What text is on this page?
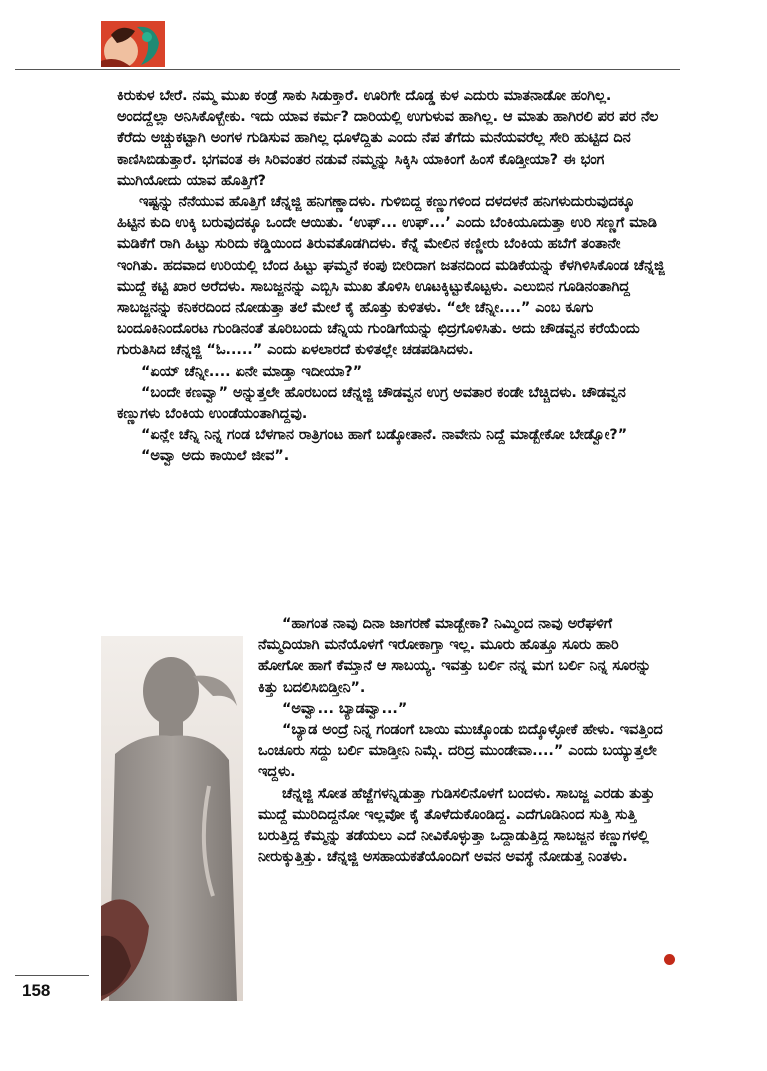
ಕಿರುಕುಳ ಬೇರೆ. ನಮ್ಮ ಮುಖ ಕಂಡ್ರೆ ಸಾಕು ಸಿಡುಕ್ತಾರೆ. ಊರಿಗೇ ದೊಡ್ಡ ಕುಳ ಎದುರು ಮಾತನಾಡೋ ಹಂಗಿಲ್ಲ. ಅಂದದ್ದೆಲ್ಲಾ ಅನಿಸಿಕೊಳ್ಬೇಕು. ಇದು ಯಾವ ಕರ್ಮ? ದಾರಿಯಲ್ಲಿ ಉಗುಳುವ ಹಾಗಿಲ್ಲ. ಆ ಮಾತು ಹಾಗಿರಲಿ ಪರ ಪರ ನೆಲ ಕೆರೆದು ಅಚ್ಚುಕಟ್ಟಾಗಿ ಅಂಗಳ ಗುಡಿಸುವ ಹಾಗಿಲ್ಲ ಧೂಳೆದ್ದಿತು ಎಂದು ನೆಪ ತೆಗೆದು ಮನೆಯವರೆಲ್ಲ ಸೇರಿ ಹುಟ್ಟಿದ ದಿನ ಕಾಣಿಸಿಬಿಡುತ್ತಾರೆ. ಭಗವಂತ ಈ ಸಿರಿವಂತರ ನಡುವೆ ನಮ್ಮನ್ನು ಸಿಕ್ಕಿಸಿ ಯಾಕಿಂಗೆ ಹಿಂಸೆ ಕೊಡ್ತೀಯಾ? ಈ ಭಂಗ ಮುಗಿಯೋದು ಯಾವ ಹೊತ್ತಿಗೆ?

ಇಷ್ಟನ್ನು ನೆನೆಯುವ ಹೊತ್ತಿಗೆ ಚೆನ್ನಜ್ಜಿ ಹನಿಗಣ್ಣಾದಳು. ಗುಳಿಬಿದ್ದ ಕಣ್ಣುಗಳಿಂದ ದಳದಳನೆ ಹನಿಗಳುದುರುವುದಕ್ಕೂ ಹಿಟ್ಟಿನ ಕುದಿ ಉಕ್ಕಿ ಬರುವುದಕ್ಕೂ ಒಂದೇ ಆಯಿತು. ‘ಉಫ್... ಉಫ್...’ ಎಂದು ಬೆಂಕಿಯೂದುತ್ತಾ ಉರಿ ಸಣ್ಣಗೆ ಮಾಡಿ ಮಡಿಕೆಗೆ ರಾಗಿ ಹಿಟ್ಟು ಸುರಿದು ಕಡ್ಡಿಯಿಂದ ತಿರುವತೊಡಗಿದಳು. ಕೆನ್ನೆ ಮೇಲಿನ ಕಣ್ಣೀರು ಬೆಂಕಿಯ ಹಬೆಗೆ ತಂತಾನೇ ಇಂಗಿತು. ಹದವಾದ ಉರಿಯಲ್ಲಿ ಬೆಂದ ಹಿಟ್ಟು ಘಮ್ಮನೆ ಕಂಪು ಬೀರಿದಾಗ ಜತನದಿಂದ ಮಡಿಕೆಯನ್ನು ಕೆಳಗಿಳಿಸಿಕೊಂಡ ಚೆನ್ನಜ್ಜಿ ಮುದ್ದೆ ಕಟ್ಟಿ ಖಾರ ಅರೆದಳು. ಸಾಬಜ್ಜನನ್ನು ಎಬ್ಬಿಸಿ ಮುಖ ತೊಳಿಸಿ ಊಟಕ್ಕಿಟ್ಟುಕೊಟ್ಟಳು. ಎಲುಬಿನ ಗೂಡಿನಂತಾಗಿದ್ದ ಸಾಬಜ್ಜನನ್ನು ಕನಿಕರದಿಂದ ನೋಡುತ್ತಾ ತಲೆ ಮೇಲೆ ಕೈ ಹೊತ್ತು ಕುಳಿತಳು. “ಲೇ ಚೆನ್ನೀ....” ಎಂಬ ಕೂಗು ಬಂದೂಕಿನಿಂದೊರಟ ಗುಂಡಿನಂತೆ ತೂರಿಬಂದು ಚೆನ್ನಿಯ ಗುಂಡಿಗೆಯನ್ನು ಛಿದ್ರಗೊಳಿಸಿತು. ಅದು ಚೌಡವ್ವನ ಕರೆಯೆಂದು ಗುರುತಿಸಿದ ಚೆನ್ನಜ್ಜಿ “ಓ.....” ಎಂದು ಏಳಲಾರದೆ ಕುಳಿತಲ್ಲೇ ಚಡಪಡಿಸಿದಳು.

“ಏಯ್ ಚೆನ್ನೀ.... ಏನೇ ಮಾಡ್ತಾ ಇದೀಯಾ?”

“ಬಂದೇ ಕಣವ್ವಾ” ಅನ್ನುತ್ತಲೇ ಹೊರಬಂದ ಚೆನ್ನಜ್ಜಿ ಚೌಡವ್ವನ ಉಗ್ರ ಅವತಾರ ಕಂಡೇ ಬೆಚ್ಚಿದಳು. ಚೌಡವ್ವನ ಕಣ್ಣುಗಳು ಬೆಂಕಿಯ ಉಂಡೆಯಂತಾಗಿದ್ದವು.

“ಏನ್ಲೇ ಚೆನ್ನಿ ನಿನ್ನ ಗಂಡ ಬೆಳಗಾನ ರಾತ್ರಿಗಂಟ ಹಾಗೆ ಬಡ್ಕೋತಾನೆ. ನಾವೇನು ನಿದ್ದೆ ಮಾಡ್ಬೇಕೋ ಬೇಡ್ವೋ?”

“ಅವ್ವಾ ಅದು ಕಾಯಿಲೆ ಜೀವ”.

“ಹಾಗಂತ ನಾವು ದಿನಾ ಜಾಗರಣೆ ಮಾಡ್ಬೇಕಾ? ನಿಮ್ಮಿಂದ ನಾವು ಅರೆಘಳಿಗೆ ನೆಮ್ಮದಿಯಾಗಿ ಮನೆಯೊಳಗೆ ಇರೋಕಾಗ್ತಾ ಇಲ್ಲ. ಮೂರು ಹೊತ್ತೂ ಸೂರು ಹಾರಿ ಹೋಗೋ ಹಾಗೆ ಕೆಮ್ತಾನೆ ಆ ಸಾಬಯ್ಯ. ಇವತ್ತು ಬರ್ಲಿ ನನ್ನ ಮಗ ಬರ್ಲಿ ನಿನ್ನ ಸೂರನ್ನು ಕಿತ್ತು ಬದಲಿಸಿಬಿಡ್ತೀನಿ”.

“ಅವ್ವಾ... ಬ್ಯಾಡವ್ವಾ...”

“ಬ್ಯಾಡ ಅಂದ್ರೆ ನಿನ್ನ ಗಂಡಂಗೆ ಬಾಯಿ ಮುಚ್ಕೊಂಡು ಬಿದ್ಕೊಳ್ಳೋಕೆ ಹೇಳು. ಇವತ್ತಿಂದ ಒಂಚೂರು ಸದ್ದು ಬರ್ಲಿ ಮಾಡ್ತೀನಿ ನಿಮ್ಗೆ. ದರಿದ್ರ ಮುಂಡೇವಾ....” ಎಂದು ಬಯ್ಯುತ್ತಲೇ ಇದ್ದಳು.

ಚೆನ್ನಜ್ಜಿ ಸೋತ ಹೆಜ್ಜೆಗಳನ್ನಿಡುತ್ತಾ ಗುಡಿಸಲಿನೊಳಗೆ ಬಂದಳು. ಸಾಬಜ್ಜ ಎರಡು ತುತ್ತು ಮುದ್ದೆ ಮುರಿದಿದ್ದನೋ ಇಲ್ಲವೋ ಕೈ ತೊಳೆದುಕೊಂಡಿದ್ದ. ಎದೆಗೂಡಿನಿಂದ ಸುತ್ತಿ ಸುತ್ತಿ ಬರುತ್ತಿದ್ದ ಕೆಮ್ಮನ್ನು ತಡೆಯಲು ಎದೆ ನೀವಿಕೊಳ್ಳುತ್ತಾ ಒದ್ದಾಡುತ್ತಿದ್ದ ಸಾಬಜ್ಜನ ಕಣ್ಣುಗಳಲ್ಲಿ ನೀರುಕ್ಕುತ್ತಿತ್ತು. ಚೆನ್ನಜ್ಜಿ ಅಸಹಾಯಕತೆಯೊಂದಿಗೆ ಅವನ ಅವಸ್ಥೆ ನೋಡುತ್ತ ನಿಂತಳು.

158
